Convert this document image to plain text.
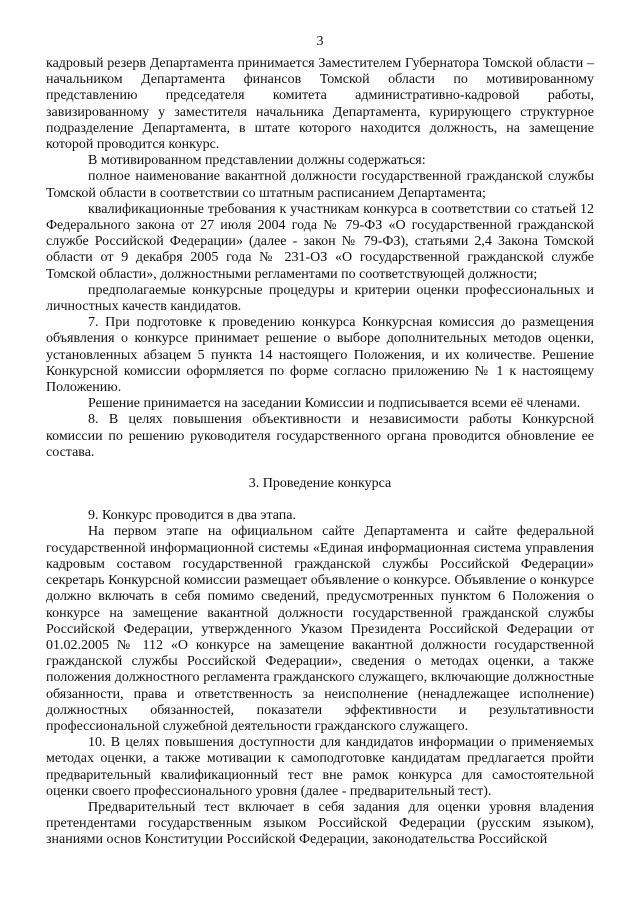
3

кадровый резерв Департамента принимается Заместителем Губернатора Томской области – начальником Департамента финансов Томской области по мотивированному представлению председателя комитета административно-кадровой работы, завизированному у заместителя начальника Департамента, курирующего структурное подразделение Департамента, в штате которого находится должность, на замещение которой проводится конкурс.

В мотивированном представлении должны содержаться:

полное наименование вакантной должности государственной гражданской службы Томской области в соответствии со штатным расписанием Департамента;

квалификационные требования к участникам конкурса в соответствии со статьей 12 Федерального закона от 27 июля 2004 года № 79-ФЗ «О государственной гражданской службе Российской Федерации» (далее - закон № 79-ФЗ), статьями 2,4 Закона Томской области от 9 декабря 2005 года № 231-ОЗ «О государственной гражданской службе Томской области», должностными регламентами по соответствующей должности;

предполагаемые конкурсные процедуры и критерии оценки профессиональных и личностных качеств кандидатов.

7. При подготовке к проведению конкурса Конкурсная комиссия до размещения объявления о конкурсе принимает решение о выборе дополнительных методов оценки, установленных абзацем 5 пункта 14 настоящего Положения, и их количестве. Решение Конкурсной комиссии оформляется по форме согласно приложению № 1 к настоящему Положению.

Решение принимается на заседании Комиссии и подписывается всеми её членами.

8. В целях повышения объективности и независимости работы Конкурсной комиссии по решению руководителя государственного органа проводится обновление ее состава.

3. Проведение конкурса

9. Конкурс проводится в два этапа.

На первом этапе на официальном сайте Департамента и сайте федеральной государственной информационной системы «Единая информационная система управления кадровым составом государственной гражданской службы Российской Федерации» секретарь Конкурсной комиссии размещает объявление о конкурсе. Объявление о конкурсе должно включать в себя помимо сведений, предусмотренных пунктом 6 Положения о конкурсе на замещение вакантной должности государственной гражданской службы Российской Федерации, утвержденного Указом Президента Российской Федерации от 01.02.2005 № 112 «О конкурсе на замещение вакантной должности государственной гражданской службы Российской Федерации», сведения о методах оценки, а также положения должностного регламента гражданского служащего, включающие должностные обязанности, права и ответственность за неисполнение (ненадлежащее исполнение) должностных обязанностей, показатели эффективности и результативности профессиональной служебной деятельности гражданского служащего.

10. В целях повышения доступности для кандидатов информации о применяемых методах оценки, а также мотивации к самоподготовке кандидатам предлагается пройти предварительный квалификационный тест вне рамок конкурса для самостоятельной оценки своего профессионального уровня (далее - предварительный тест).

Предварительный тест включает в себя задания для оценки уровня владения претендентами государственным языком Российской Федерации (русским языком), знаниями основ Конституции Российской Федерации, законодательства Российской
